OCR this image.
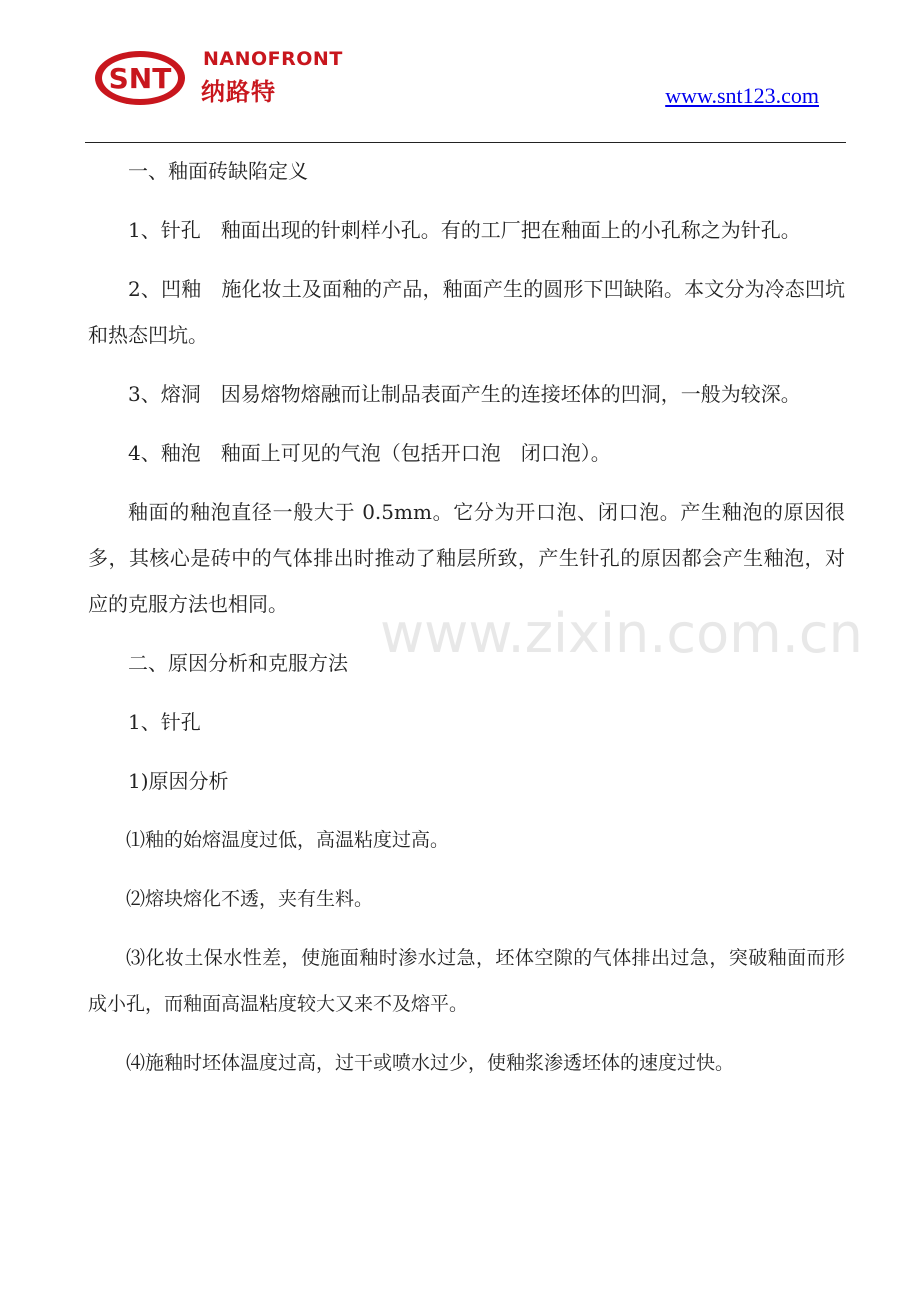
SNT
NANOFRONT
纳路特	www.snt123.com

一、釉面砖缺陷定义

1、针孔　釉面出现的针刺样小孔。有的工厂把在釉面上的小孔称之为针孔。

2、凹釉　施化妆土及面釉的产品，釉面产生的圆形下凹缺陷。本文分为冷态凹坑和热态凹坑。

3、熔洞　因易熔物熔融而让制品表面产生的连接坯体的凹洞，一般为较深。

4、釉泡　釉面上可见的气泡（包括开口泡　闭口泡）。

釉面的釉泡直径一般大于 0.5mm。它分为开口泡、闭口泡。产生釉泡的原因很多，其核心是砖中的气体排出时推动了釉层所致，产生针孔的原因都会产生釉泡，对应的克服方法也相同。

二、原因分析和克服方法

1、针孔

1)原因分析

⑴釉的始熔温度过低，高温粘度过高。

⑵熔块熔化不透，夹有生料。

⑶化妆土保水性差，使施面釉时渗水过急，坯体空隙的气体排出过急，突破釉面而形成小孔，而釉面高温粘度较大又来不及熔平。

⑷施釉时坯体温度过高，过干或喷水过少，使釉浆渗透坯体的速度过快。

www.zixin.com.cn
